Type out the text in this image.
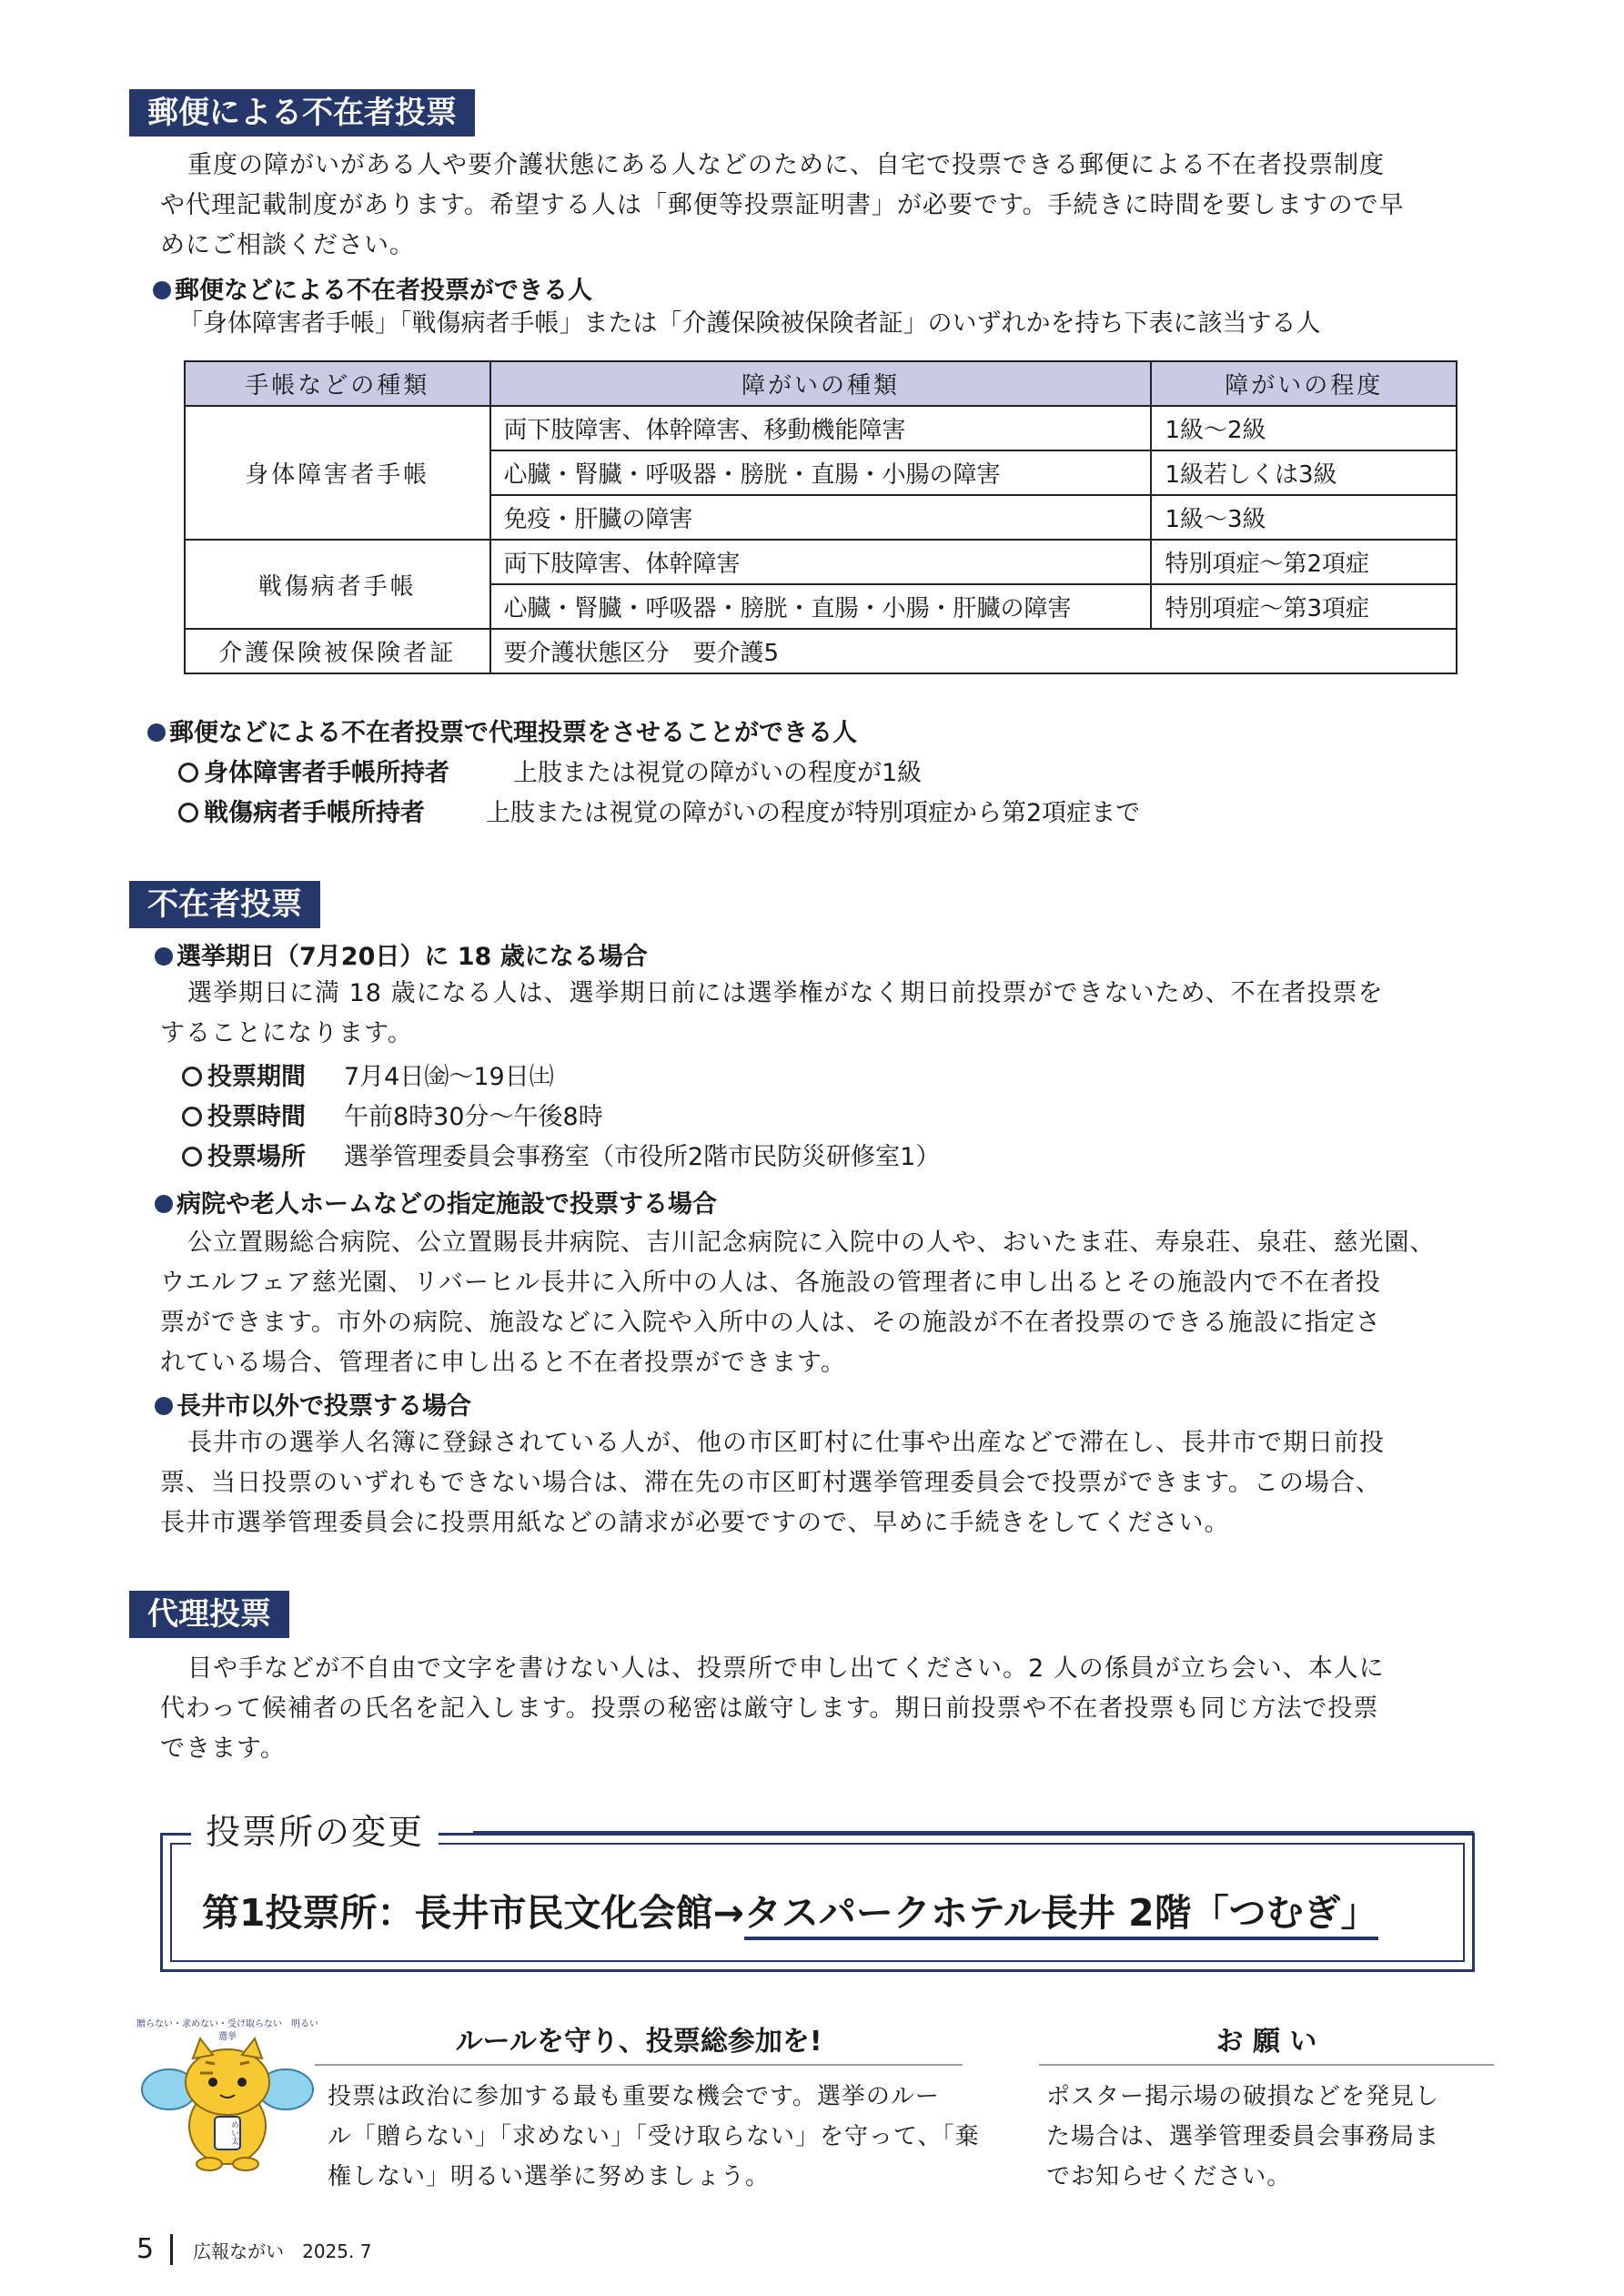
郵便による不在者投票
重度の障がいがある人や要介護状態にある人などのために、自宅で投票できる郵便による不在者投票制度
や代理記載制度があります。希望する人は「郵便等投票証明書」が必要です。手続きに時間を要しますので早
めにご相談ください。
郵便などによる不在者投票ができる人
「身体障害者手帳」「戦傷病者手帳」または「介護保険被保険者証」のいずれかを持ち下表に該当する人
手帳などの種類	障がいの種類	障がいの程度
身体障害者手帳	両下肢障害、体幹障害、移動機能障害	1級～2級
	心臓・腎臓・呼吸器・膀胱・直腸・小腸の障害	1級若しくは3級
	免疫・肝臓の障害	1級～3級
戦傷病者手帳	両下肢障害、体幹障害	特別項症～第2項症
	心臓・腎臓・呼吸器・膀胱・直腸・小腸・肝臓の障害	特別項症～第3項症
介護保険被保険者証	要介護状態区分　要介護5	
郵便などによる不在者投票で代理投票をさせることができる人
身体障害者手帳所持者	上肢または視覚の障がいの程度が1級
戦傷病者手帳所持者 上肢または視覚の障がいの程度が特別項症から第2項症まで
不在者投票
選挙期日（7月20日）に 18 歳になる場合
選挙期日に満 18 歳になる人は、選挙期日前には選挙権がなく期日前投票ができないため、不在者投票を
することになります。
投票期間 7月4日㈮～19日㈯
投票時間 午前8時30分～午後8時
投票場所 選挙管理委員会事務室（市役所2階市民防災研修室1）
病院や老人ホームなどの指定施設で投票する場合
公立置賜総合病院、公立置賜長井病院、吉川記念病院に入院中の人や、おいたま荘、寿泉荘、泉荘、慈光園、
ウエルフェア慈光園、リバーヒル長井に入所中の人は、各施設の管理者に申し出るとその施設内で不在者投
票ができます。市外の病院、施設などに入院や入所中の人は、その施設が不在者投票のできる施設に指定さ
れている場合、管理者に申し出ると不在者投票ができます。
長井市以外で投票する場合
長井市の選挙人名簿に登録されている人が、他の市区町村に仕事や出産などで滞在し、長井市で期日前投
票、当日投票のいずれもできない場合は、滞在先の市区町村選挙管理委員会で投票ができます。この場合、
長井市選挙管理委員会に投票用紙などの請求が必要ですので、早めに手続きをしてください。
代理投票
目や手などが不自由で文字を書けない人は、投票所で申し出てください。2 人の係員が立ち会い、本人に
代わって候補者の氏名を記入します。投票の秘密は厳守します。期日前投票や不在者投票も同じ方法で投票
できます。
投票所の変更
第1投票所：長井市民文化会館→タスパークホテル長井 2階「つむぎ」
贈らない・求めない・受け取らない　明るい選挙
めい太
ルールを守り、投票総参加を!
投票は政治に参加する最も重要な機会です。選挙のルー
ル「贈らない」「求めない」「受け取らない」を守って、「棄
権しない」明るい選挙に努めましょう。
お 願 い
ポスター掲示場の破損などを発見し
た場合は、選挙管理委員会事務局ま
でお知らせください。
5 広報ながい 2025. 7
